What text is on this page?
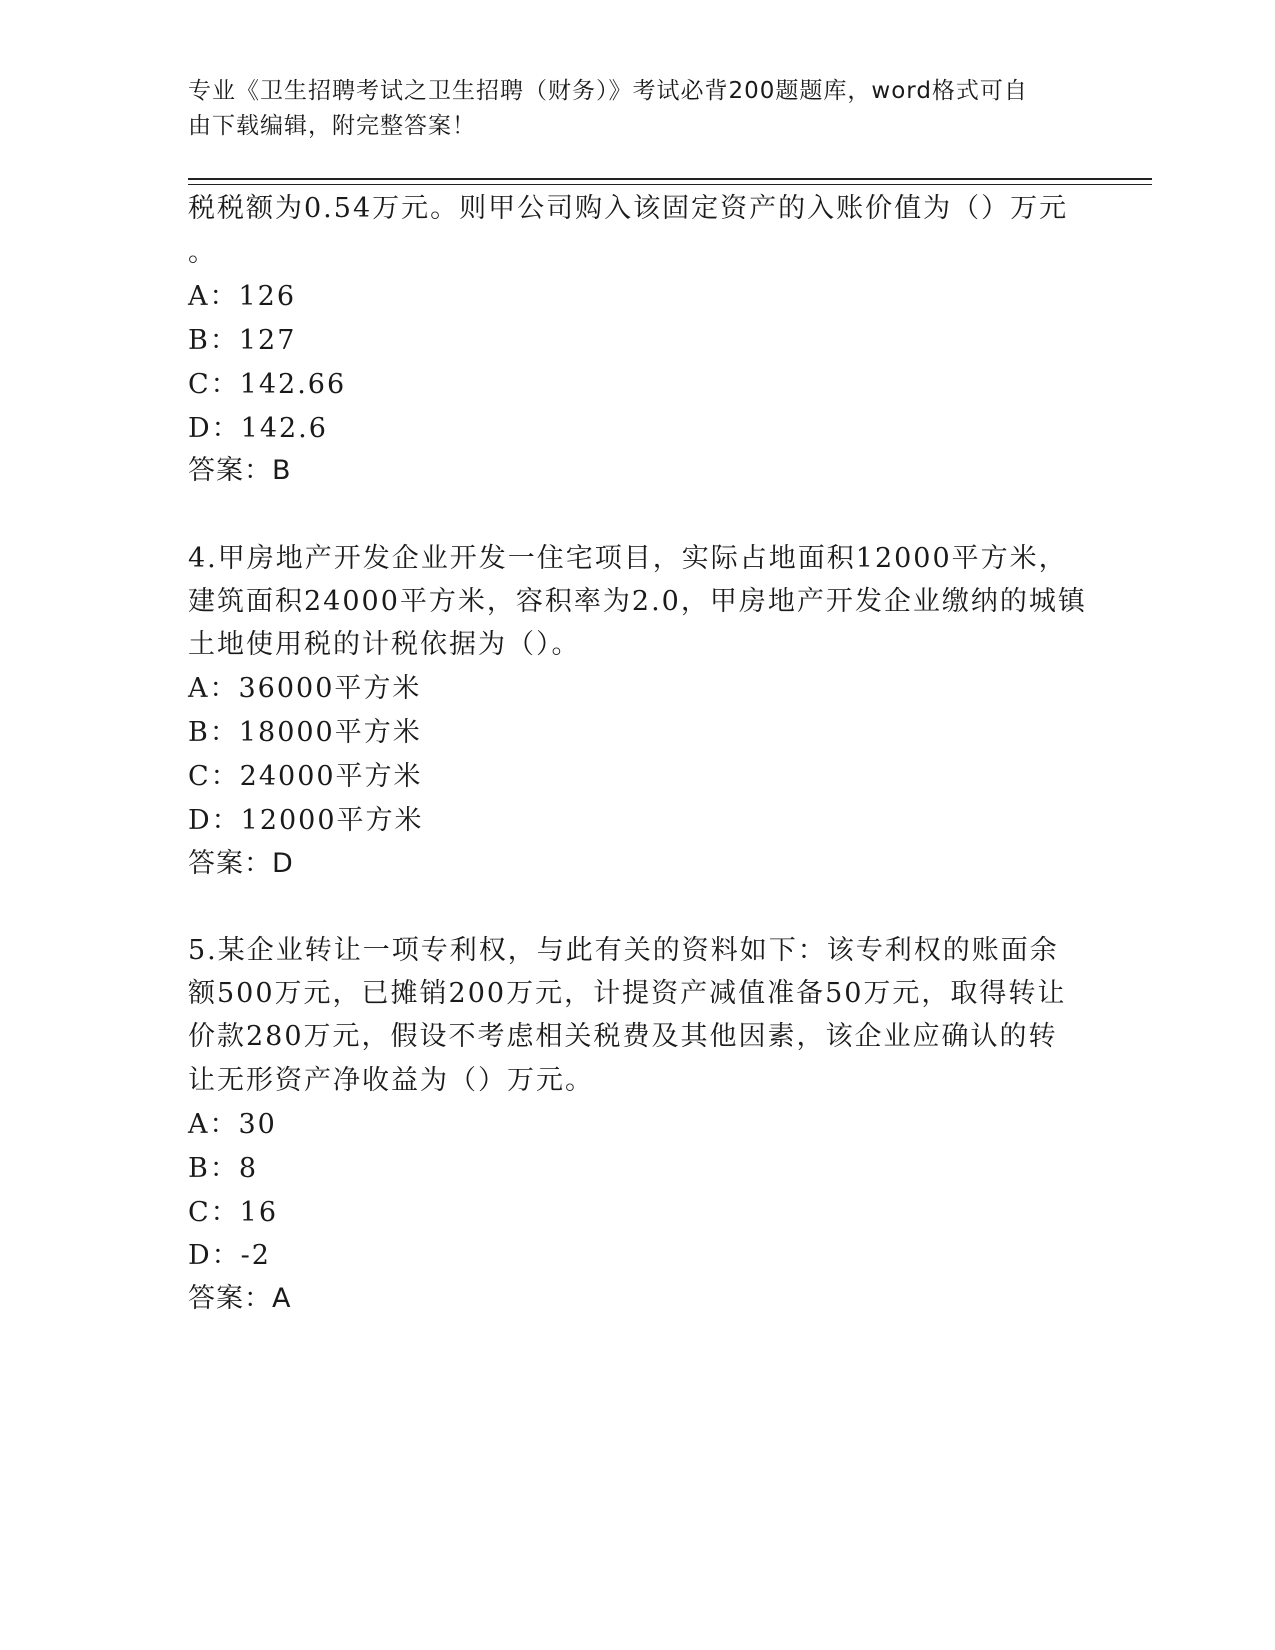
专业《卫生招聘考试之卫生招聘（财务）》考试必背200题题库，word格式可自
由下载编辑，附完整答案！
税税额为0.54万元。则甲公司购入该固定资产的入账价值为（）万元
。
A：126
B：127
C：142.66
D：142.6
答案：B
4.甲房地产开发企业开发一住宅项目，实际占地面积12000平方米，
建筑面积24000平方米，容积率为2.0，甲房地产开发企业缴纳的城镇
土地使用税的计税依据为（）。
A：36000平方米
B：18000平方米
C：24000平方米
D：12000平方米
答案：D
5.某企业转让一项专利权，与此有关的资料如下：该专利权的账面余
额500万元，已摊销200万元，计提资产减值准备50万元，取得转让
价款280万元，假设不考虑相关税费及其他因素，该企业应确认的转
让无形资产净收益为（）万元。
A：30
B：8
C：16
D：-2
答案：A
